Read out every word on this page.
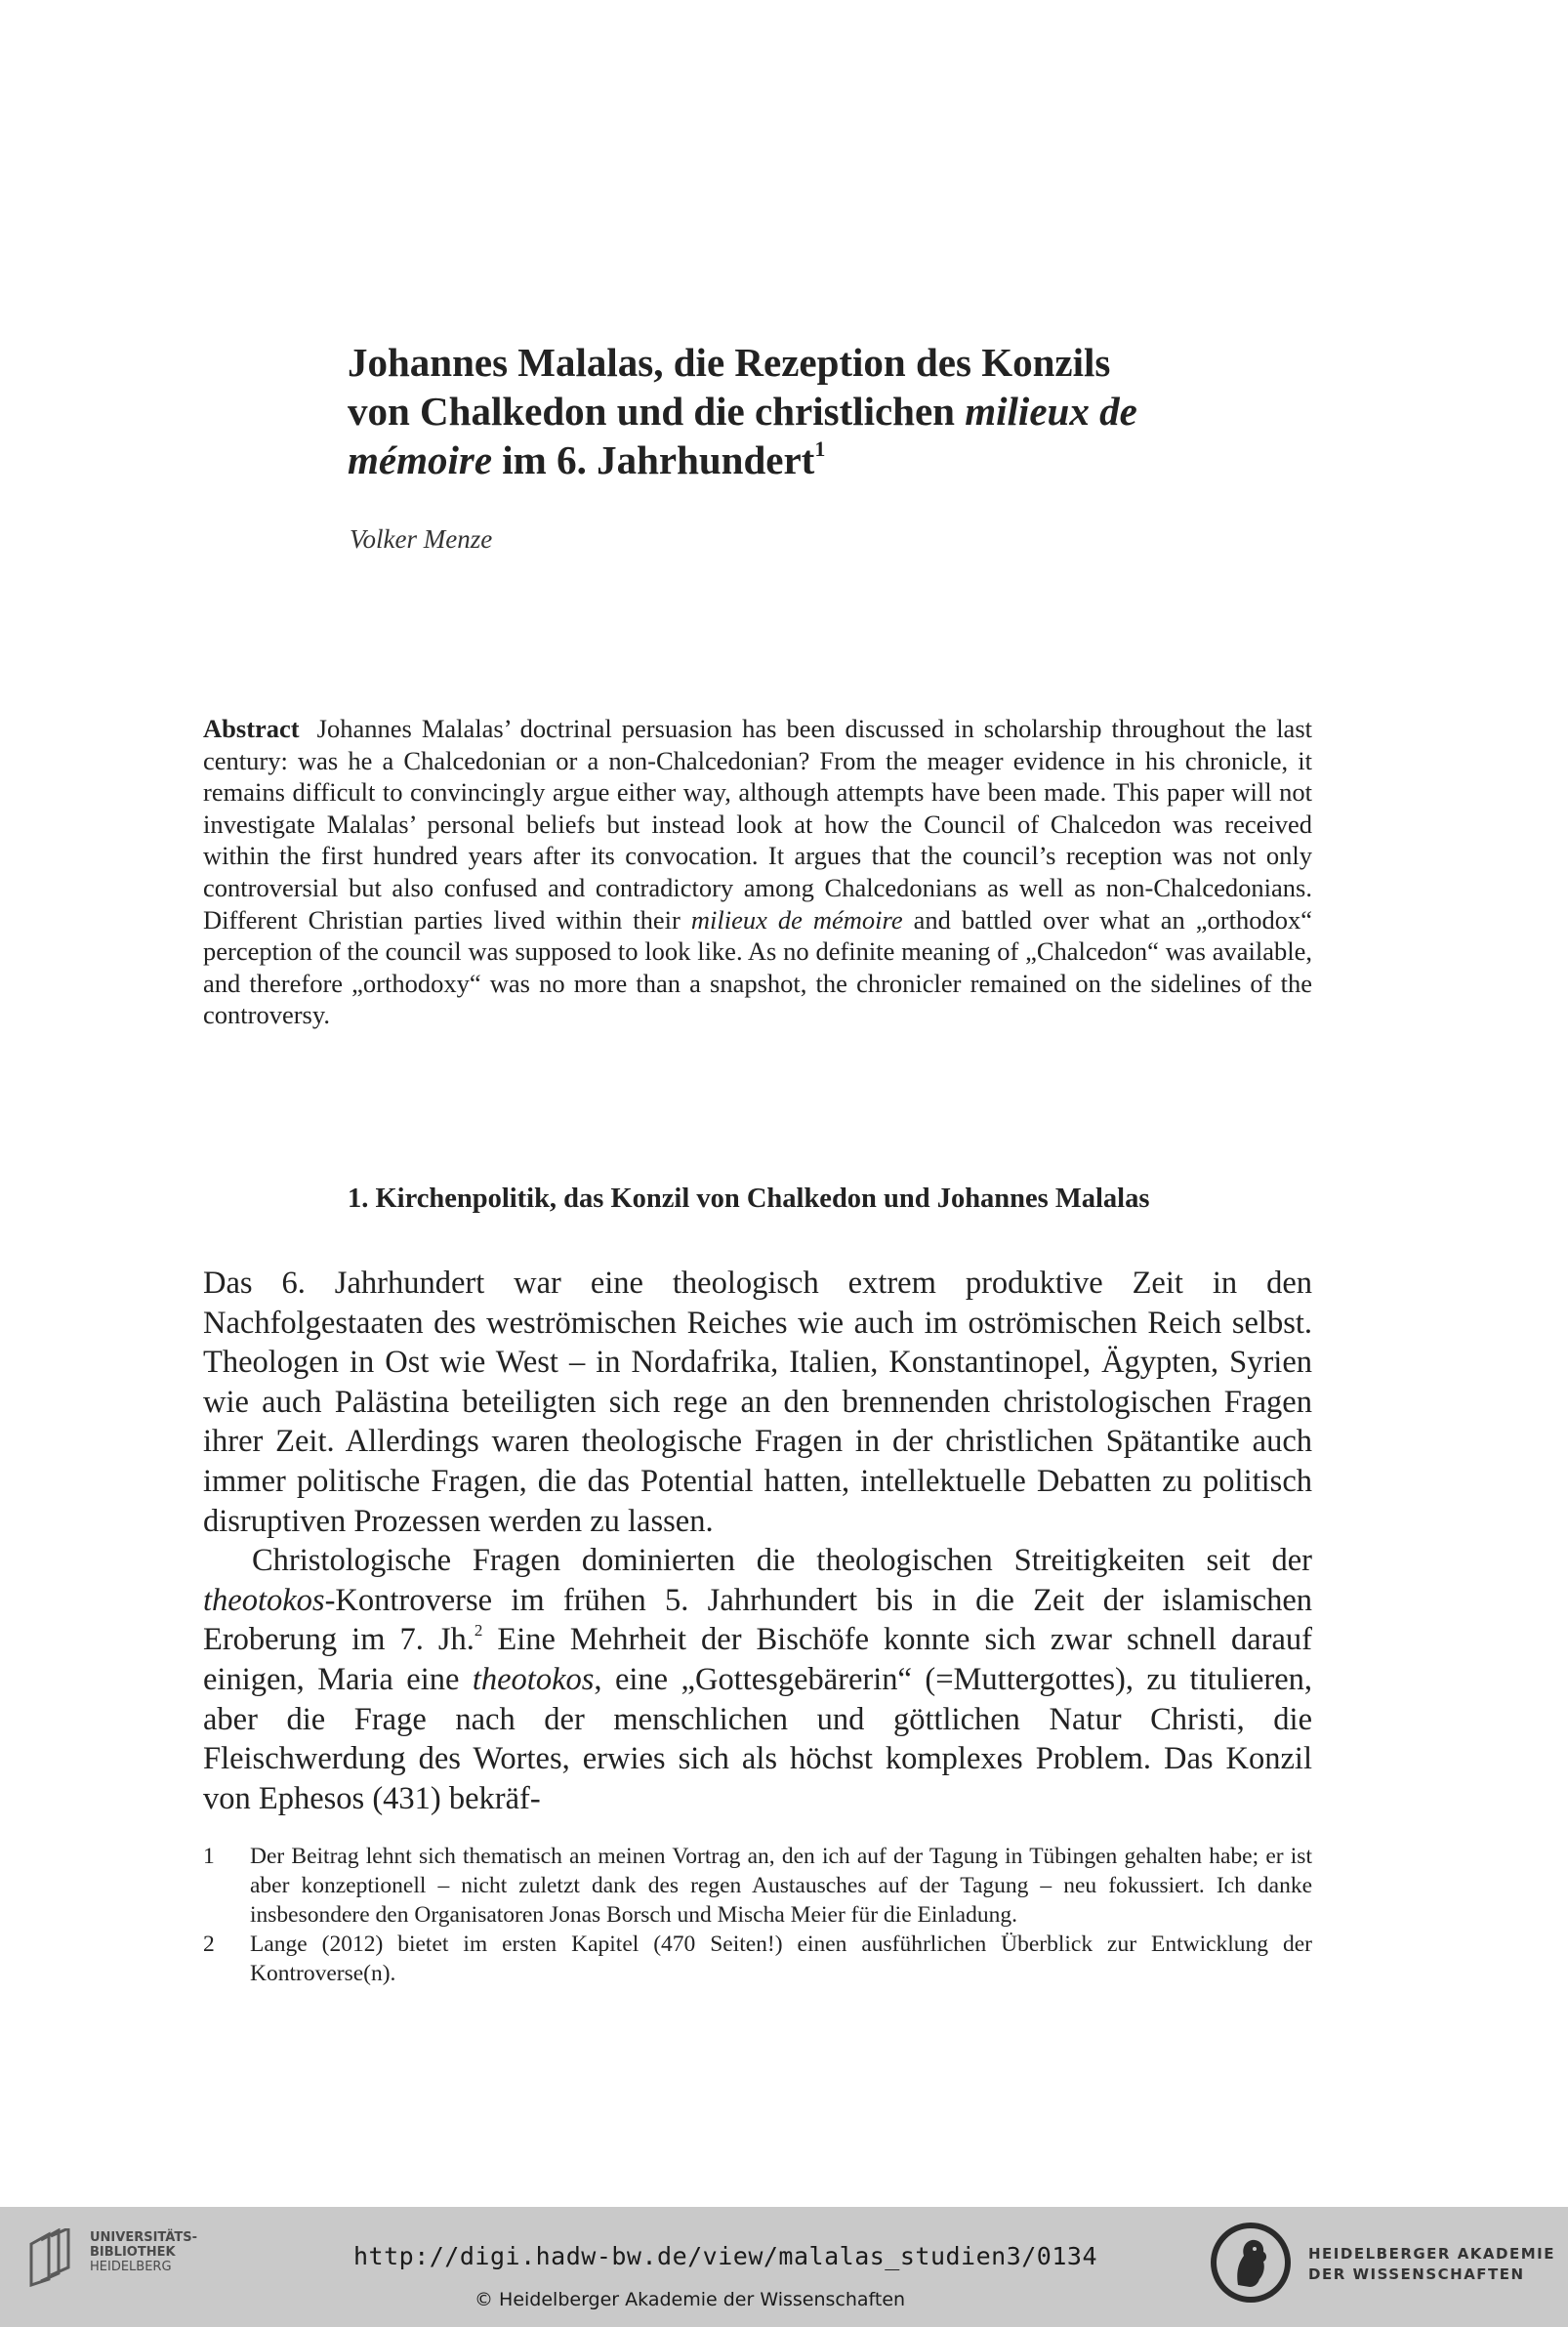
Johannes Malalas, die Rezeption des Konzils
von Chalkedon und die christlichen milieux de
mémoire im 6. Jahrhundert$^1$
Volker Menze
Abstract Johannes Malalas’ doctrinal persuasion has been discussed in scholarship throughout the last century: was he a Chalcedonian or a non-Chalcedonian? From the meager evidence in his chronicle, it remains difficult to convincingly argue either way, although attempts have been made. This paper will not investigate Malalas’ personal beliefs but instead look at how the Council of Chalcedon was received within the first hundred years after its convocation. It argues that the council’s reception was not only controversial but also confused and contradictory among Chalcedonians as well as non-Chalcedonians. Different Christian parties lived within their milieux de mémoire and battled over what an „orthodox“ perception of the council was supposed to look like. As no definite meaning of „Chalcedon“ was available, and therefore „orthodoxy“ was no more than a snapshot, the chronicler remained on the sidelines of the controversy.
1. Kirchenpolitik, das Konzil von Chalkedon und Johannes Malalas

Das 6. Jahrhundert war eine theologisch extrem produktive Zeit in den Nachfolgestaaten des weströmischen Reiches wie auch im oströmischen Reich selbst. Theologen in Ost wie West – in Nordafrika, Italien, Konstantinopel, Ägypten, Syrien wie auch Palästina beteiligten sich rege an den brennenden christologischen Fragen ihrer Zeit. Allerdings waren theologische Fragen in der christlichen Spätantike auch immer politische Fragen, die das Potential hatten, intellektuelle Debatten zu politisch disruptiven Prozessen werden zu lassen.

Christologische Fragen dominierten die theologischen Streitigkeiten seit der theotokos-Kontroverse im frühen 5. Jahrhundert bis in die Zeit der islamischen Eroberung im 7. Jh.$^2$ Eine Mehrheit der Bischöfe konnte sich zwar schnell darauf einigen, Maria eine theotokos, eine „Gottesgebärerin“ (=Muttergottes), zu titulieren, aber die Frage nach der menschlichen und göttlichen Natur Christi, die Fleischwerdung des Wortes, erwies sich als höchst komplexes Problem. Das Konzil von Ephesos (431) bekräf-

1 Der Beitrag lehnt sich thematisch an meinen Vortrag an, den ich auf der Tagung in Tübingen gehalten habe; er ist aber konzeptionell – nicht zuletzt dank des regen Austausches auf der Tagung – neu fokussiert. Ich danke insbesondere den Organisatoren Jonas Borsch und Mischa Meier für die Einladung.
2 Lange (2012) bietet im ersten Kapitel (470 Seiten!) einen ausführlichen Überblick zur Entwicklung der Kontroverse(n).
UNIVERSITÄTS-
BIBLIOTHEK
HEIDELBERG	http://digi.hadw-bw.de/view/malalas_studien3/0134
© Heidelberger Akademie der Wissenschaften
HEIDELBERGER AKADEMIE
DER WISSENSCHAFTEN
